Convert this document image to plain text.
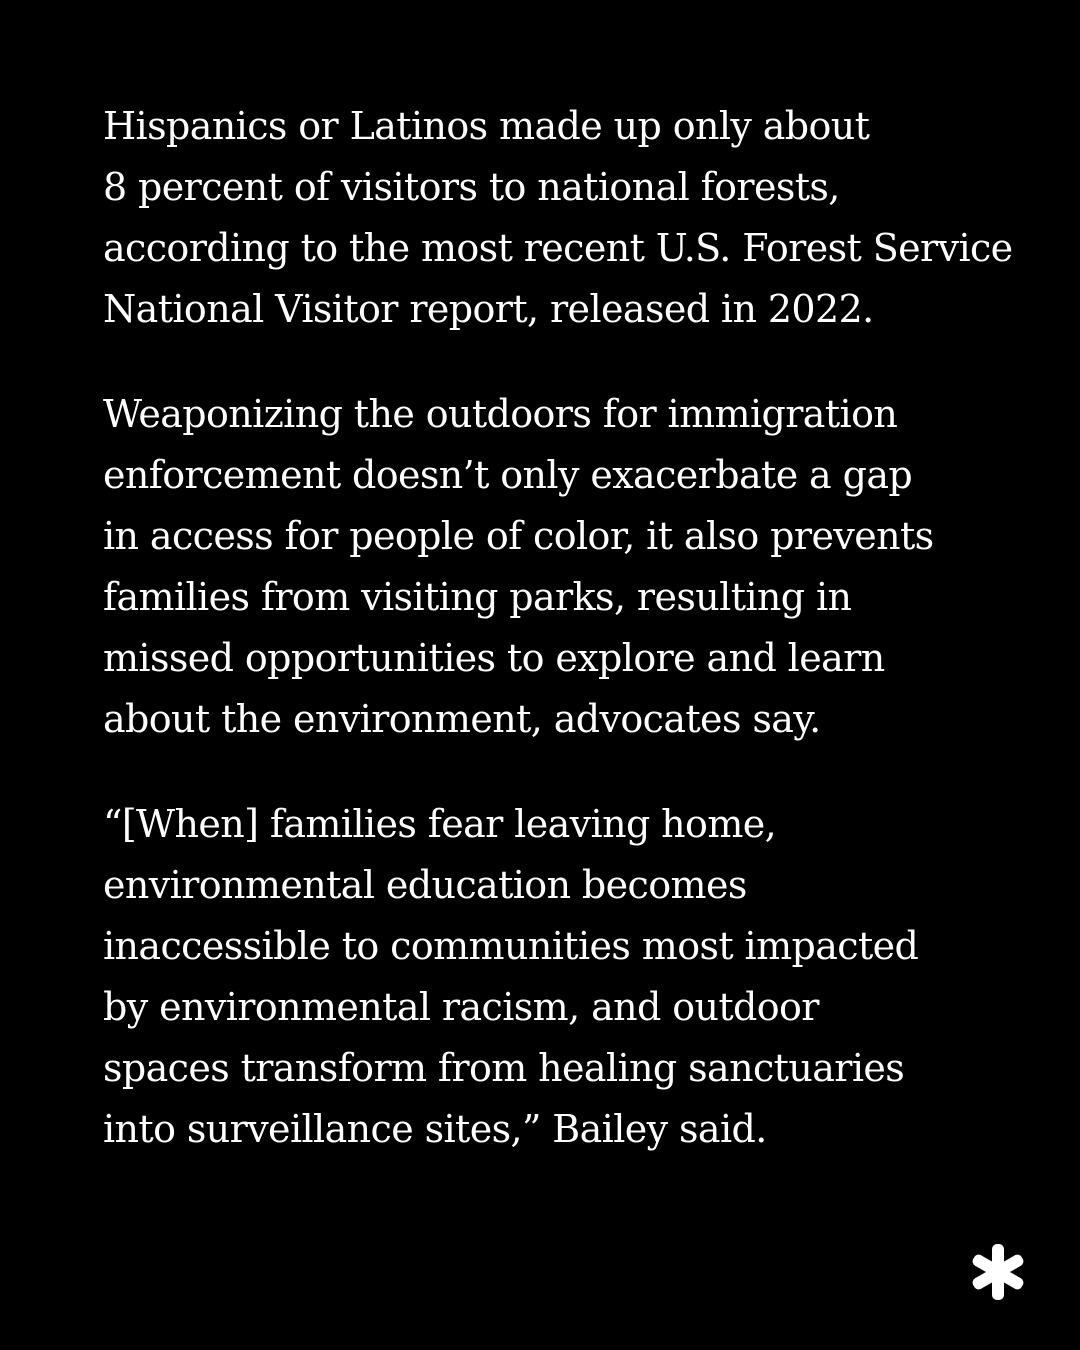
Hispanics or Latinos made up only about
8 percent of visitors to national forests,
according to the most recent U.S. Forest Service
National Visitor report, released in 2022.

Weaponizing the outdoors for immigration
enforcement doesn’t only exacerbate a gap
in access for people of color, it also prevents
families from visiting parks, resulting in
missed opportunities to explore and learn
about the environment, advocates say.

“[When] families fear leaving home,
environmental education becomes
inaccessible to communities most impacted
by environmental racism, and outdoor
spaces transform from healing sanctuaries
into surveillance sites,” Bailey said.
